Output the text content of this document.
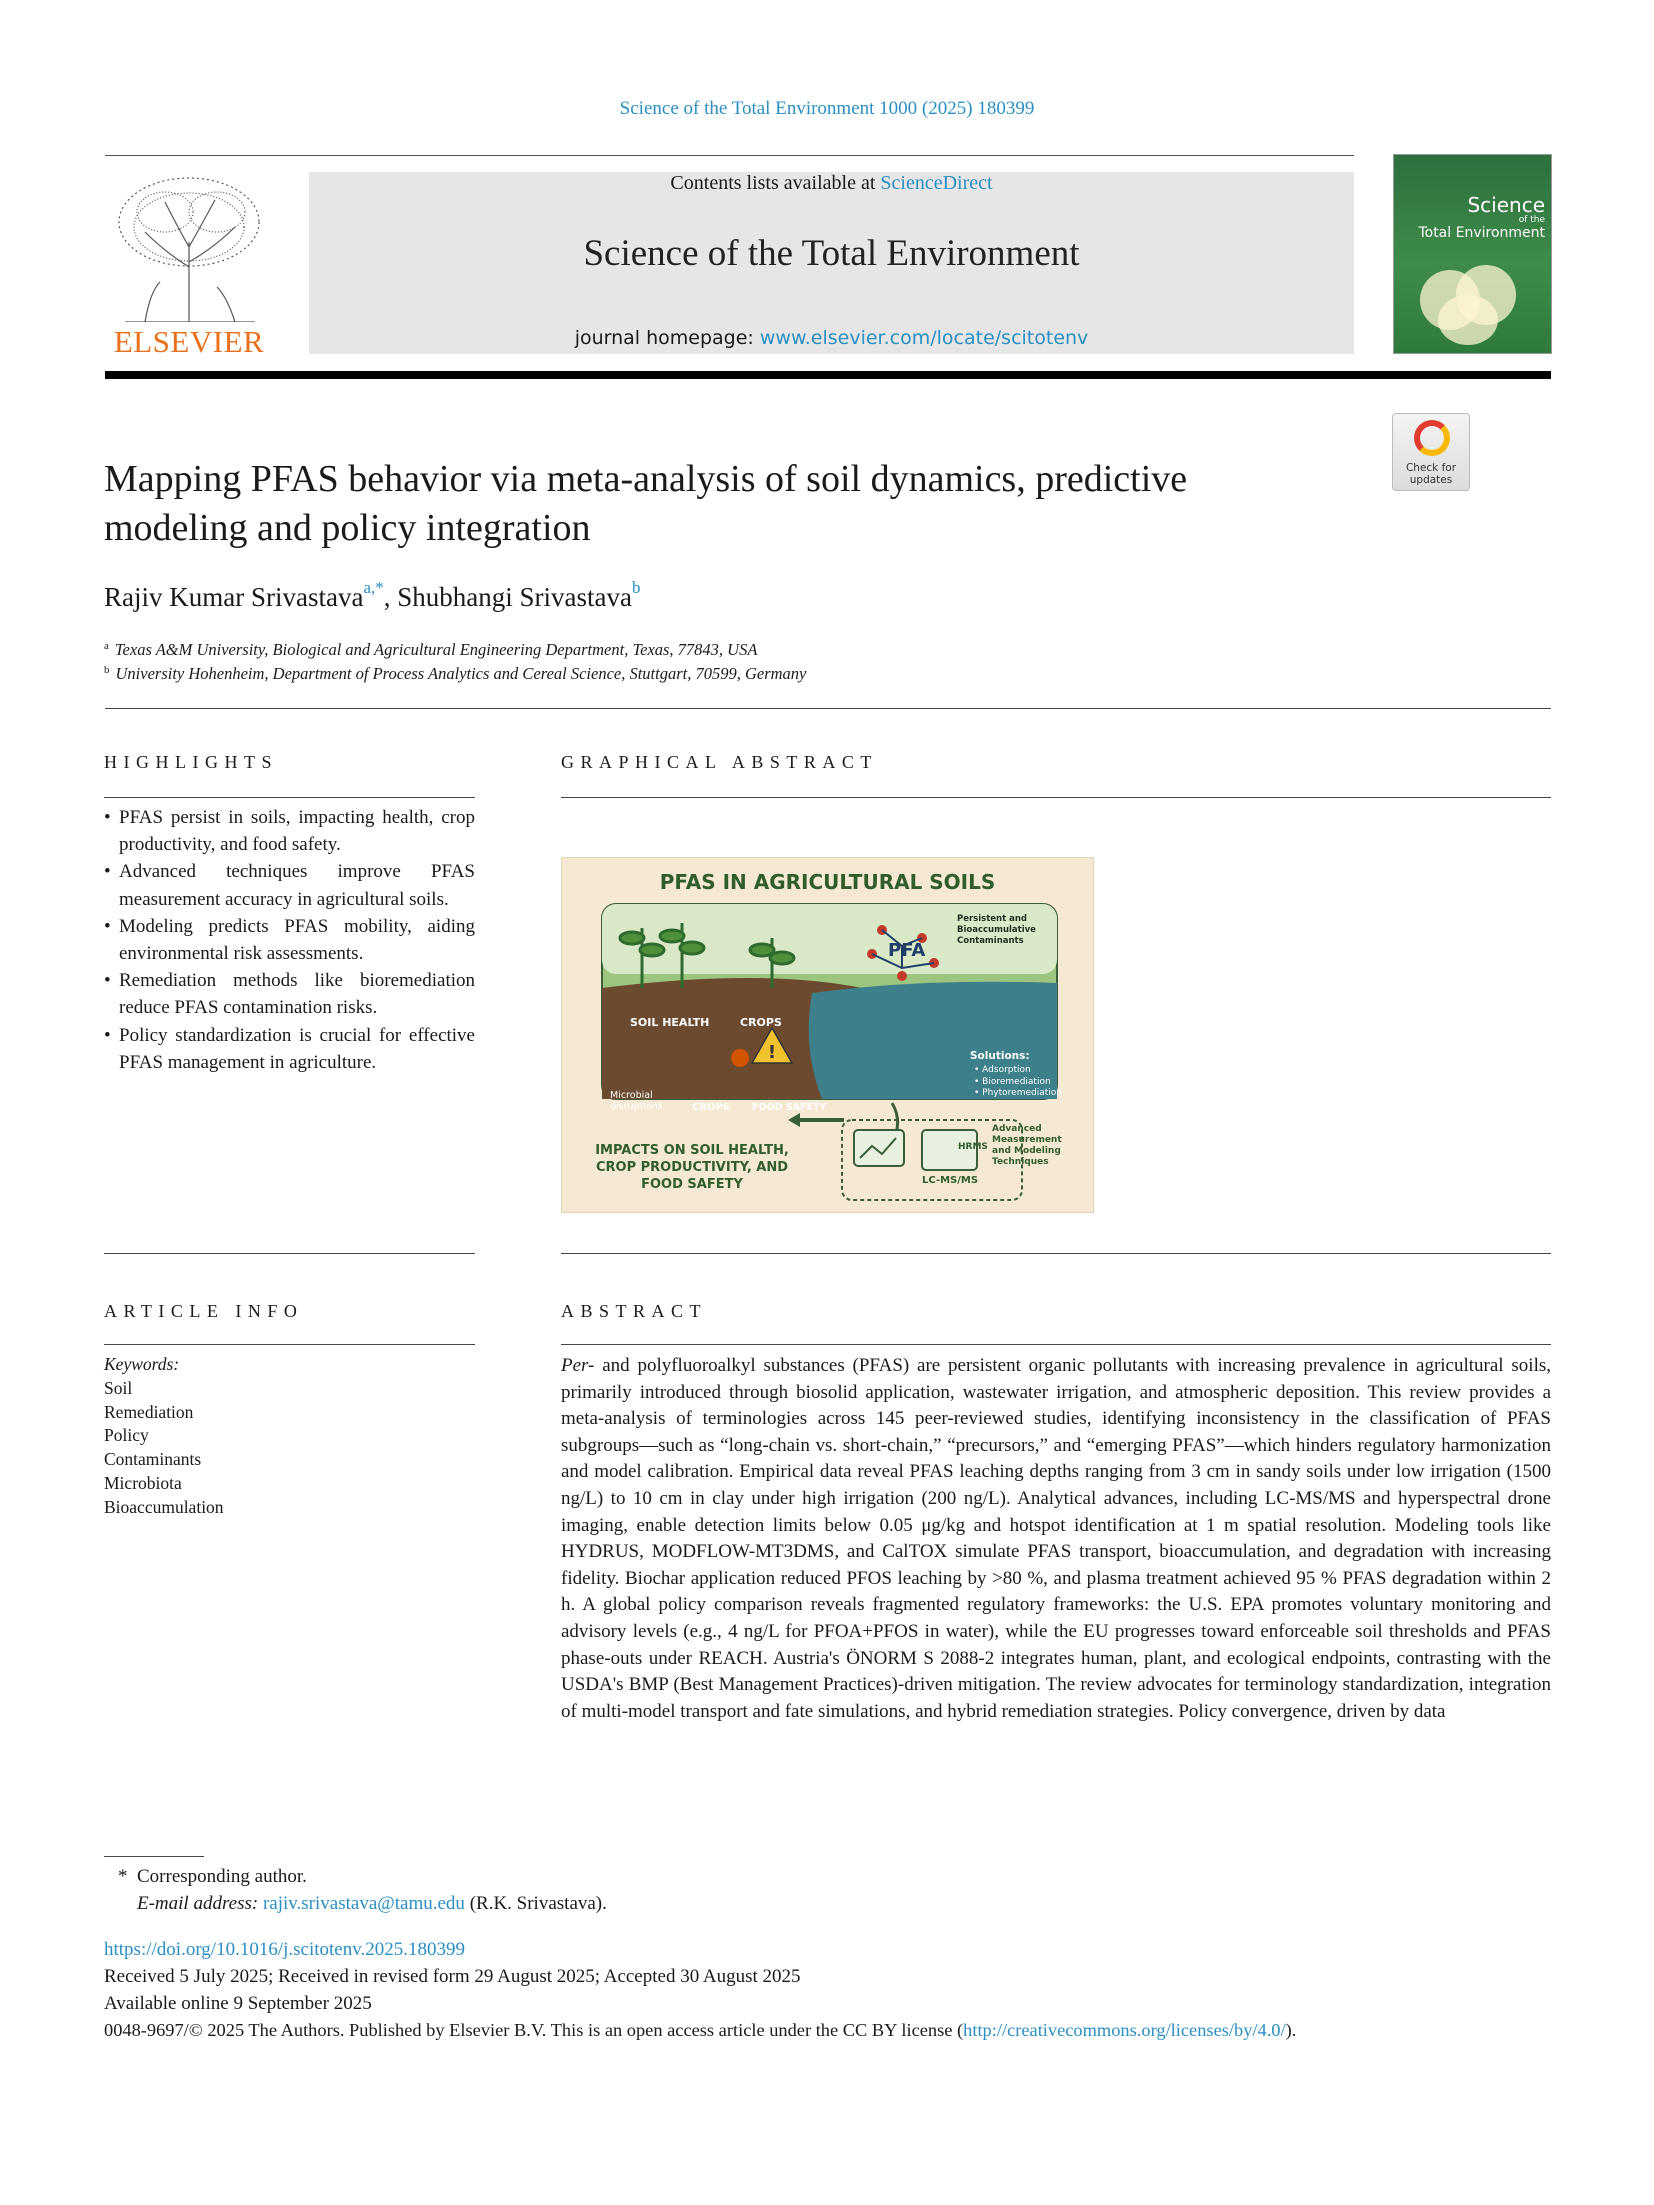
Science of the Total Environment 1000 (2025) 180399
ELSEVIER
Contents lists available at ScienceDirect
Science of the Total Environment
journal homepage: www.elsevier.com/locate/scitotenv
Science
of the
Total Environment
Check for
updates
Mapping PFAS behavior via meta-analysis of soil dynamics, predictive modeling and policy integration
Rajiv Kumar Srivastava$^{a,*}$, Shubhangi Srivastava$^b$
$^a$ Texas A&M University, Biological and Agricultural Engineering Department, Texas, 77843, USA
$^b$ University Hohenheim, Department of Process Analytics and Cereal Science, Stuttgart, 70599, Germany
HIGHLIGHTS
• PFAS persist in soils, impacting health, crop productivity, and food safety.
• Advanced techniques improve PFAS measurement accuracy in agricultural soils.
• Modeling predicts PFAS mobility, aiding environmental risk assessments.
• Remediation methods like bioremediation reduce PFAS contamination risks.
• Policy standardization is crucial for effective PFAS management in agriculture.
GRAPHICAL ABSTRACT
!
PFAS IN AGRICULTURAL SOILS
PFA
Persistent and Bioaccumulative Contaminants
SOIL HEALTH	CROPS
Microbial disruptions	CROPS FOOD SAFETY
Solutions:
• Adsorption
• Bioremediation
• Phytoremediation
IMPACTS ON SOIL HEALTH, CROP PRODUCTIVITY, AND FOOD SAFETY
HRMS
LC-MS/MS
Advanced Measurement and Modeling Techniques
ARTICLE INFO
Keywords:
Soil
Remediation
Policy
Contaminants
Microbiota
Bioaccumulation
ABSTRACT
Per- and polyfluoroalkyl substances (PFAS) are persistent organic pollutants with increasing prevalence in agricultural soils, primarily introduced through biosolid application, wastewater irrigation, and atmospheric deposition. This review provides a meta-analysis of terminologies across 145 peer-reviewed studies, identifying inconsistency in the classification of PFAS subgroups—such as “long-chain vs. short-chain,” “precursors,” and “emerging PFAS”—which hinders regulatory harmonization and model calibration. Empirical data reveal PFAS leaching depths ranging from 3 cm in sandy soils under low irrigation (1500 ng/L) to 10 cm in clay under high irrigation (200 ng/L). Analytical advances, including LC-MS/MS and hyperspectral drone imaging, enable detection limits below 0.05 μg/kg and hotspot identification at 1 m spatial resolution. Modeling tools like HYDRUS, MODFLOW-MT3DMS, and CalTOX simulate PFAS transport, bioaccumulation, and degradation with increasing fidelity. Biochar application reduced PFOS leaching by >80 %, and plasma treatment achieved 95 % PFAS degradation within 2 h. A global policy comparison reveals fragmented regulatory frameworks: the U.S. EPA promotes voluntary monitoring and advisory levels (e.g., 4 ng/L for PFOA+PFOS in water), while the EU progresses toward enforceable soil thresholds and PFAS phase-outs under REACH. Austria's ÖNORM S 2088-2 integrates human, plant, and ecological endpoints, contrasting with the USDA's BMP (Best Management Practices)-driven mitigation. The review advocates for terminology standardization, integration of multi-model transport and fate simulations, and hybrid remediation strategies. Policy convergence, driven by data
* Corresponding author.
E-mail address: rajiv.srivastava@tamu.edu (R.K. Srivastava).
https://doi.org/10.1016/j.scitotenv.2025.180399
Received 5 July 2025; Received in revised form 29 August 2025; Accepted 30 August 2025
Available online 9 September 2025
0048-9697/© 2025 The Authors. Published by Elsevier B.V. This is an open access article under the CC BY license (http://creativecommons.org/licenses/by/4.0/).
